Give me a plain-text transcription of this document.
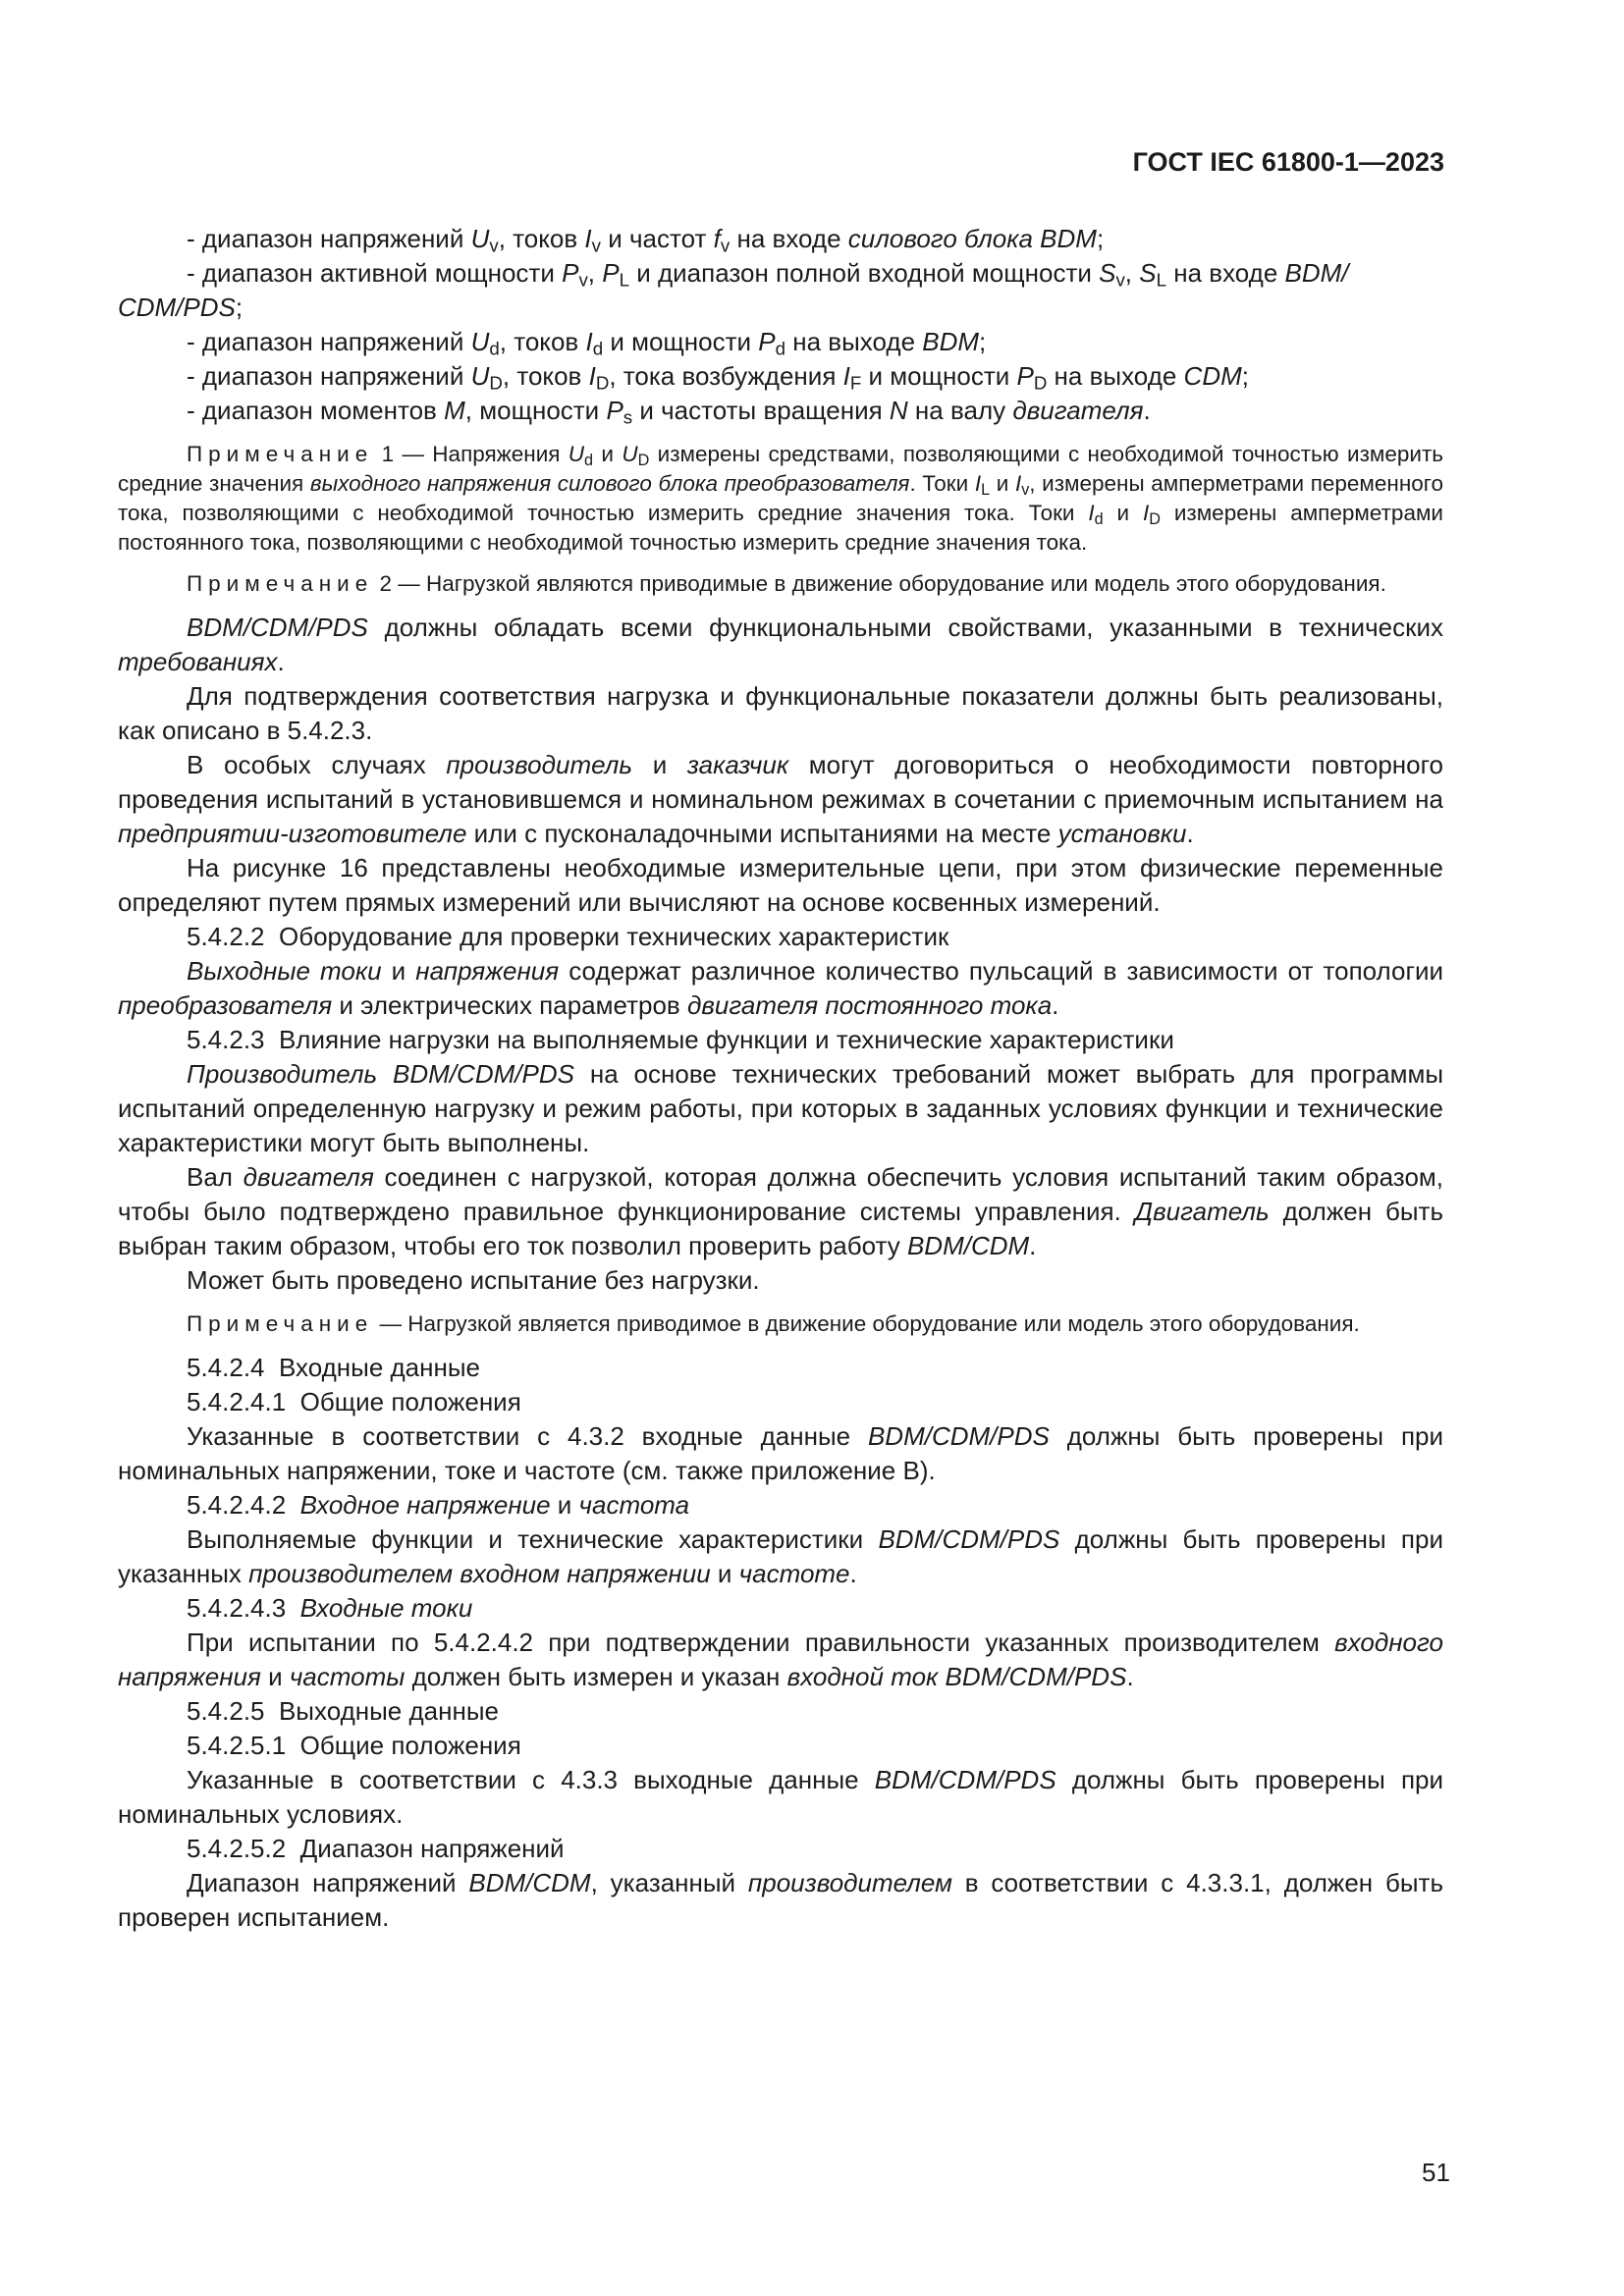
ГОСТ IEC 61800-1—2023

- диапазон напряжений $U_v$, токов $I_v$ и частот $f_v$ на входе силового блока BDM;

- диапазон активной мощности $P_v$, $P_L$ и диапазон полной входной мощности $S_v$, $S_L$ на входе BDM/
CDM/PDS;

- диапазон напряжений $U_d$, токов $I_d$ и мощности $P_d$ на выходе BDM;

- диапазон напряжений $U_D$, токов $I_D$, тока возбуждения $I_F$ и мощности $P_D$ на выходе CDM;

- диапазон моментов M, мощности $P_s$ и частоты вращения N на валу двигателя.

Примечание 1 — Напряжения $U_d$ и $U_D$ измерены средствами, позволяющими с необходимой точностью измерить средние значения выходного напряжения силового блока преобразователя. Токи $I_L$ и $I_v$, измерены амперметрами переменного тока, позволяющими с необходимой точностью измерить средние значения тока. Токи $I_d$ и $I_D$ измерены амперметрами постоянного тока, позволяющими с необходимой точностью измерить средние значения тока.

Примечание 2 — Нагрузкой являются приводимые в движение оборудование или модель этого оборудования.

BDM/CDM/PDS должны обладать всеми функциональными свойствами, указанными в технических требованиях.

Для подтверждения соответствия нагрузка и функциональные показатели должны быть реализованы, как описано в 5.4.2.3.

В особых случаях производитель и заказчик могут договориться о необходимости повторного проведения испытаний в установившемся и номинальном режимах в сочетании с приемочным испытанием на предприятии-изготовителе или с пусконаладочными испытаниями на месте установки.

На рисунке 16 представлены необходимые измерительные цепи, при этом физические переменные определяют путем прямых измерений или вычисляют на основе косвенных измерений.

5.4.2.2 Оборудование для проверки технических характеристик

Выходные токи и напряжения содержат различное количество пульсаций в зависимости от топологии преобразователя и электрических параметров двигателя постоянного тока.

5.4.2.3 Влияние нагрузки на выполняемые функции и технические характеристики

Производитель BDM/CDM/PDS на основе технических требований может выбрать для программы испытаний определенную нагрузку и режим работы, при которых в заданных условиях функции и технические характеристики могут быть выполнены.

Вал двигателя соединен с нагрузкой, которая должна обеспечить условия испытаний таким образом, чтобы было подтверждено правильное функционирование системы управления. Двигатель должен быть выбран таким образом, чтобы его ток позволил проверить работу BDM/CDM.

Может быть проведено испытание без нагрузки.

Примечание — Нагрузкой является приводимое в движение оборудование или модель этого оборудования.

5.4.2.4 Входные данные

5.4.2.4.1 Общие положения

Указанные в соответствии с 4.3.2 входные данные BDM/CDM/PDS должны быть проверены при номинальных напряжении, токе и частоте (см. также приложение В).

5.4.2.4.2 Входное напряжение и частота

Выполняемые функции и технические характеристики BDM/CDM/PDS должны быть проверены при указанных производителем входном напряжении и частоте.

5.4.2.4.3 Входные токи

При испытании по 5.4.2.4.2 при подтверждении правильности указанных производителем входного напряжения и частоты должен быть измерен и указан входной ток BDM/CDM/PDS.

5.4.2.5 Выходные данные

5.4.2.5.1 Общие положения

Указанные в соответствии с 4.3.3 выходные данные BDM/CDM/PDS должны быть проверены при номинальных условиях.

5.4.2.5.2 Диапазон напряжений

Диапазон напряжений BDM/CDM, указанный производителем в соответствии с 4.3.3.1, должен быть проверен испытанием.

51
